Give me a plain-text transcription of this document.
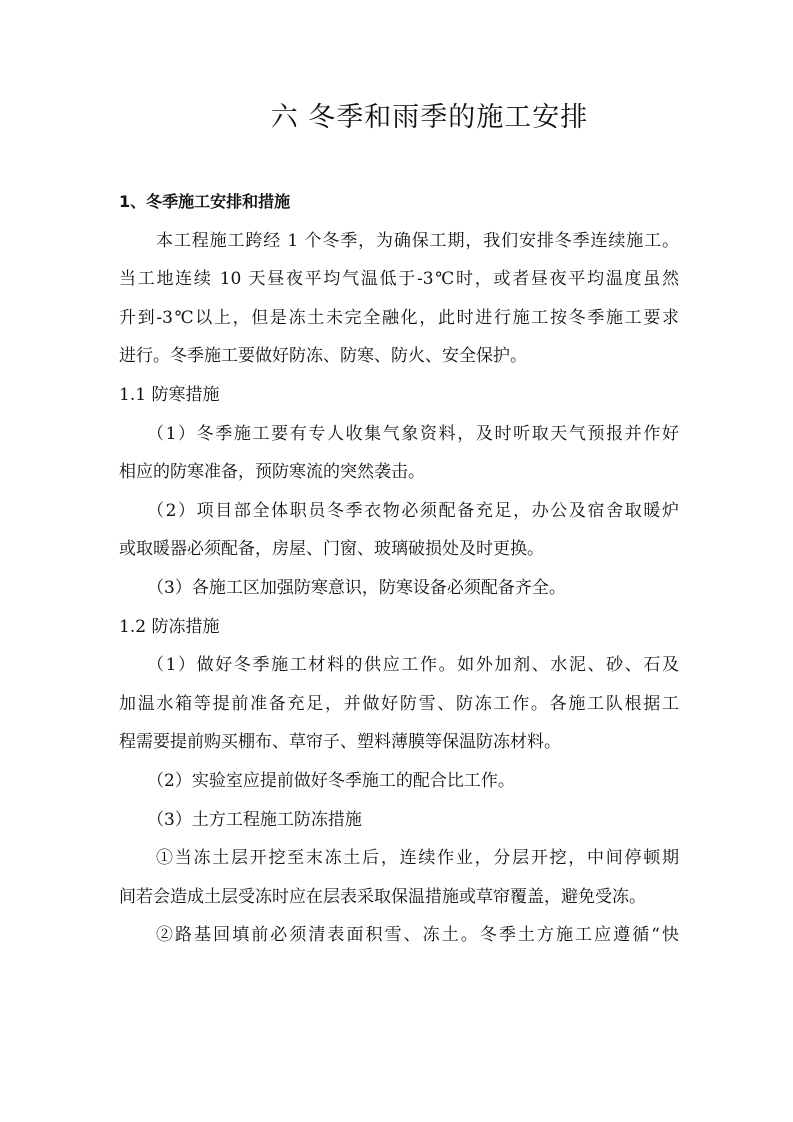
六 冬季和雨季的施工安排
1、冬季施工安排和措施
本工程施工跨经 1 个冬季，为确保工期，我们安排冬季连续施工。
当工地连续 10 天昼夜平均气温低于-3℃时，或者昼夜平均温度虽然
升到-3℃以上，但是冻土未完全融化，此时进行施工按冬季施工要求
进行。冬季施工要做好防冻、防寒、防火、安全保护。
1.1 防寒措施
（1）冬季施工要有专人收集气象资料，及时听取天气预报并作好
相应的防寒准备，预防寒流的突然袭击。
（2）项目部全体职员冬季衣物必须配备充足，办公及宿舍取暖炉
或取暖器必须配备，房屋、门窗、玻璃破损处及时更换。
（3）各施工区加强防寒意识，防寒设备必须配备齐全。
1.2 防冻措施
（1）做好冬季施工材料的供应工作。如外加剂、水泥、砂、石及
加温水箱等提前准备充足，并做好防雪、防冻工作。各施工队根据工
程需要提前购买棚布、草帘子、塑料薄膜等保温防冻材料。
（2）实验室应提前做好冬季施工的配合比工作。
（3）土方工程施工防冻措施
①当冻土层开挖至末冻土后，连续作业，分层开挖，中间停顿期
间若会造成土层受冻时应在层表采取保温措施或草帘覆盖，避免受冻。
②路基回填前必须清表面积雪、冻土。冬季土方施工应遵循“快
